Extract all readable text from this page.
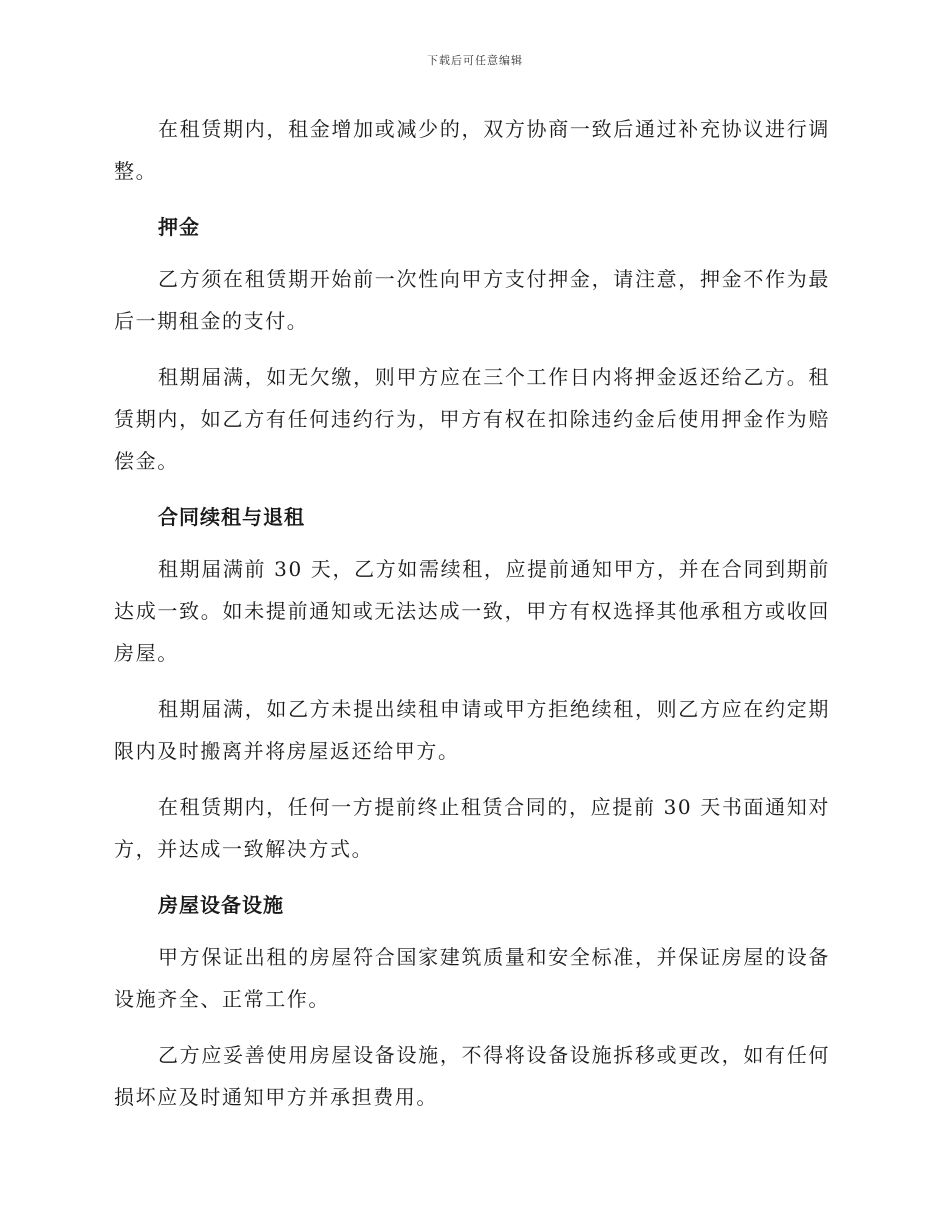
下载后可任意编辑

在租赁期内，租金增加或减少的，双方协商一致后通过补充协议进行调整。

押金

乙方须在租赁期开始前一次性向甲方支付押金，请注意，押金不作为最后一期租金的支付。

租期届满，如无欠缴，则甲方应在三个工作日内将押金返还给乙方。租赁期内，如乙方有任何违约行为，甲方有权在扣除违约金后使用押金作为赔偿金。

合同续租与退租

租期届满前 30 天，乙方如需续租，应提前通知甲方，并在合同到期前达成一致。如未提前通知或无法达成一致，甲方有权选择其他承租方或收回房屋。

租期届满，如乙方未提出续租申请或甲方拒绝续租，则乙方应在约定期限内及时搬离并将房屋返还给甲方。

在租赁期内，任何一方提前终止租赁合同的，应提前 30 天书面通知对方，并达成一致解决方式。

房屋设备设施

甲方保证出租的房屋符合国家建筑质量和安全标准，并保证房屋的设备设施齐全、正常工作。

乙方应妥善使用房屋设备设施，不得将设备设施拆移或更改，如有任何损坏应及时通知甲方并承担费用。
